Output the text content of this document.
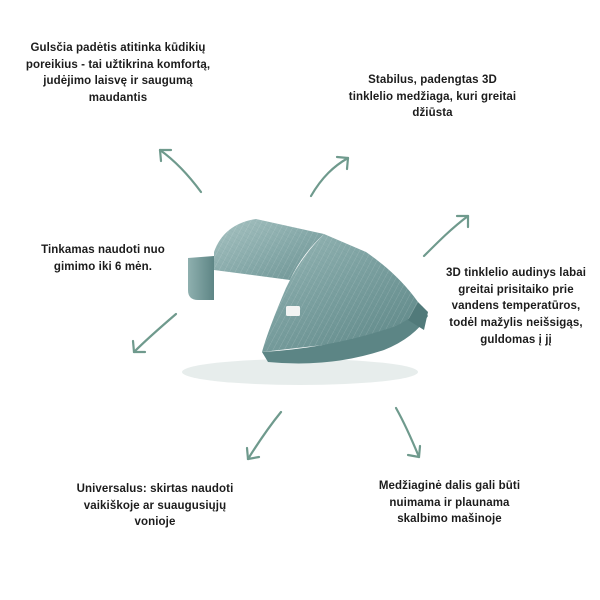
Gulsčia padėtis atitinka kūdikių poreikius - tai užtikrina komfortą, judėjimo laisvę ir saugumą maudantis
Stabilus, padengtas 3D tinklelio medžiaga, kuri greitai džiūsta
Tinkamas naudoti nuo gimimo iki 6 mėn.
3D tinklelio audinys labai greitai prisitaiko prie vandens temperatūros, todėl mažylis neišsigąs, guldomas į jį
Universalus: skirtas naudoti vaikiškoje ar suaugusiųjų vonioje
Medžiaginė dalis gali būti nuimama ir plaunama skalbimo mašinoje
